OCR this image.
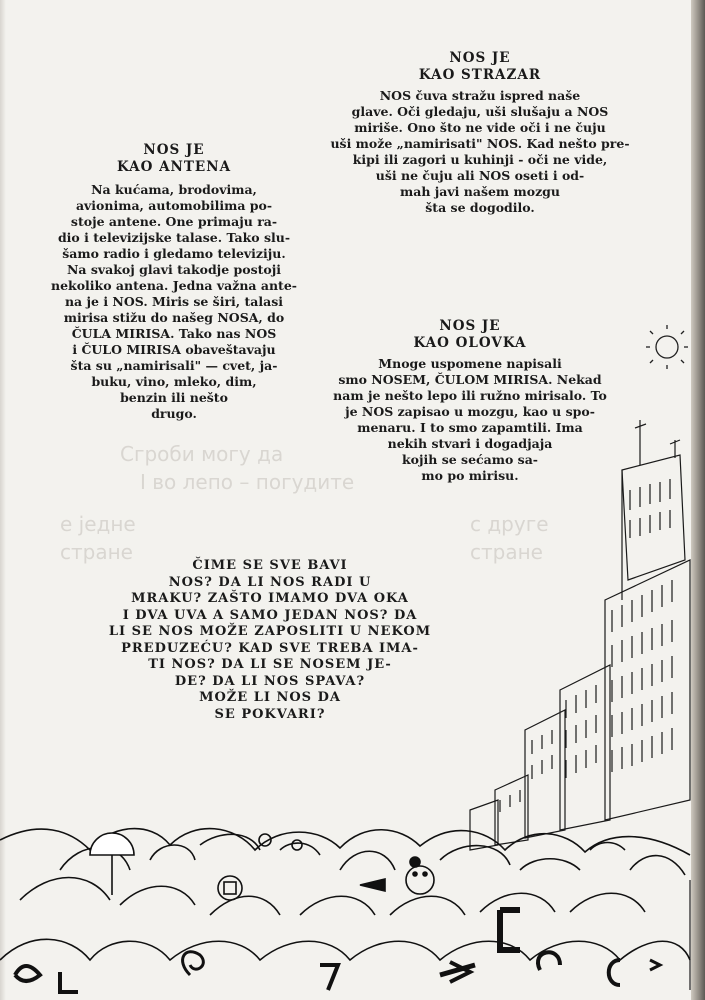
Сгроби могу да
І во лепо – погудите
е једне
стране
с друге
стране
NOS JE
KAO ANTENA
Na kućama, brodovima,
avionima, automobilima po-
stoje antene. One primaju ra-
dio i televizijske talase. Tako slu-
šamo radio i gledamo televiziju.
Na svakoj glavi takodje postoji
nekoliko antena. Jedna važna ante-
na je i NOS. Miris se širi, talasi
mirisa stižu do našeg NOSA, do
ČULA MIRISA. Tako nas NOS
i ČULO MIRISA obaveštavaju
šta su „namirisali" — cvet, ja-
buku, vino, mleko, dim,
benzin ili nešto
drugo.
NOS JE
KAO STRAZAR
NOS čuva stražu ispred naše
glave. Oči gledaju, uši slušaju a NOS
miriše. Ono što ne vide oči i ne čuju
uši može „namirisati" NOS. Kad nešto pre-
kipi ili zagori u kuhinji - oči ne vide,
uši ne čuju ali NOS oseti i od-
mah javi našem mozgu
šta se dogodilo.
NOS JE
KAO OLOVKA
Mnoge uspomene napisali
smo NOSEM, ČULOM MIRISA. Nekad
nam je nešto lepo ili ružno mirisalo. To
je NOS zapisao u mozgu, kao u spo-
menaru. I to smo zapamtili. Ima
nekih stvari i dogadjaja
kojih se sećamo sa-
mo po mirisu.
ČIME SE SVE BAVI
NOS? DA LI NOS RADI U
MRAKU? ZAŠTO IMAMO DVA OKA
I DVA UVA A SAMO JEDAN NOS? DA
LI SE NOS MOŽE ZAPOSLITI U NEKOM
PREDUZEĆU? KAD SVE TREBA IMA-
TI NOS? DA LI SE NOSEM JE-
DE? DA LI NOS SPAVA?
MOŽE LI NOS DA
SE POKVARI?
